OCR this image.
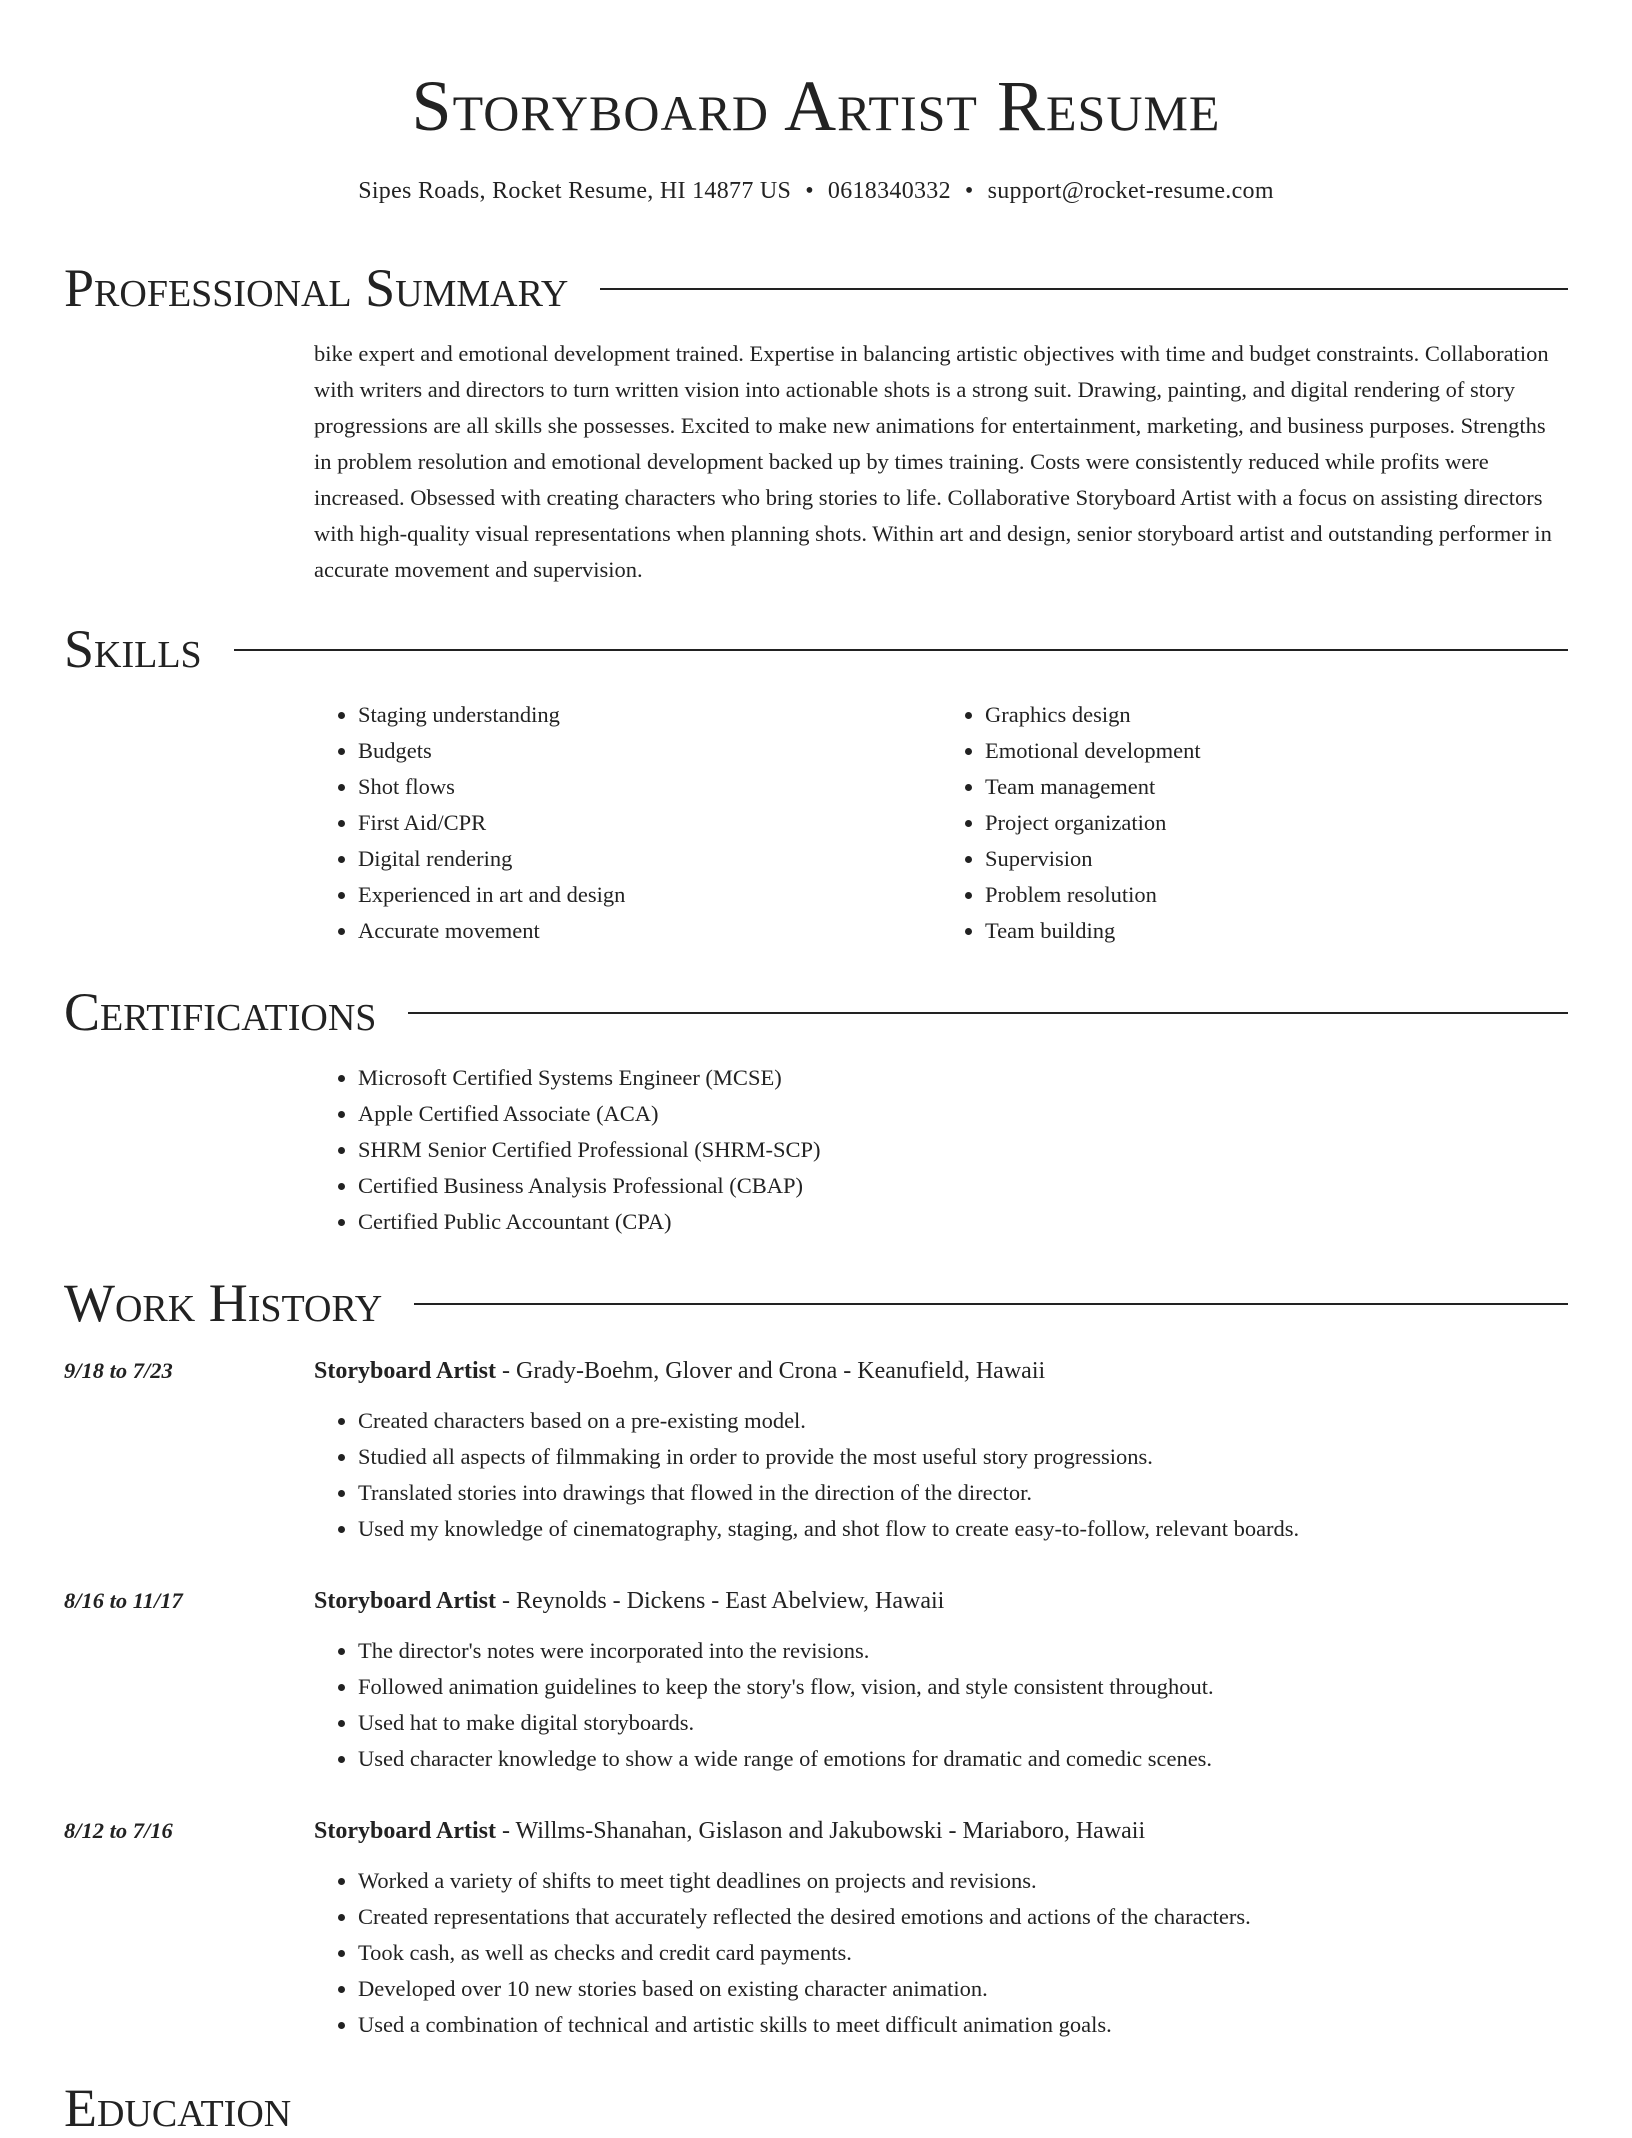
Storyboard Artist Resume
Sipes Roads, Rocket Resume, HI 14877 US • 0618340332 • support@rocket-resume.com
Professional Summary

bike expert and emotional development trained. Expertise in balancing artistic objectives with time and budget constraints. Collaboration with writers and directors to turn written vision into actionable shots is a strong suit. Drawing, painting, and digital rendering of story progressions are all skills she possesses. Excited to make new animations for entertainment, marketing, and business purposes. Strengths in problem resolution and emotional development backed up by times training. Costs were consistently reduced while profits were increased. Obsessed with creating characters who bring stories to life. Collaborative Storyboard Artist with a focus on assisting directors with high-quality visual representations when planning shots. Within art and design, senior storyboard artist and outstanding performer in accurate movement and supervision.

Skills
• Staging understanding
• Budgets
• Shot flows
• First Aid/CPR
• Digital rendering
• Experienced in art and design
• Accurate movement
• Graphics design
• Emotional development
• Team management
• Project organization
• Supervision
• Problem resolution
• Team building
Certifications
• Microsoft Certified Systems Engineer (MCSE)
• Apple Certified Associate (ACA)
• SHRM Senior Certified Professional (SHRM-SCP)
• Certified Business Analysis Professional (CBAP)
• Certified Public Accountant (CPA)
Work History
9/18 to 7/23	Storyboard Artist - Grady-Boehm, Glover and Crona - Keanufield, Hawaii
• Created characters based on a pre-existing model.
• Studied all aspects of filmmaking in order to provide the most useful story progressions.
• Translated stories into drawings that flowed in the direction of the director.
• Used my knowledge of cinematography, staging, and shot flow to create easy-to-follow, relevant boards.
8/16 to 11/17	Storyboard Artist - Reynolds - Dickens - East Abelview, Hawaii
• The director's notes were incorporated into the revisions.
• Followed animation guidelines to keep the story's flow, vision, and style consistent throughout.
• Used hat to make digital storyboards.
• Used character knowledge to show a wide range of emotions for dramatic and comedic scenes.
8/12 to 7/16	Storyboard Artist - Willms-Shanahan, Gislason and Jakubowski - Mariaboro, Hawaii
• Worked a variety of shifts to meet tight deadlines on projects and revisions.
• Created representations that accurately reflected the desired emotions and actions of the characters.
• Took cash, as well as checks and credit card payments.
• Developed over 10 new stories based on existing character animation.
• Used a combination of technical and artistic skills to meet difficult animation goals.
Education
